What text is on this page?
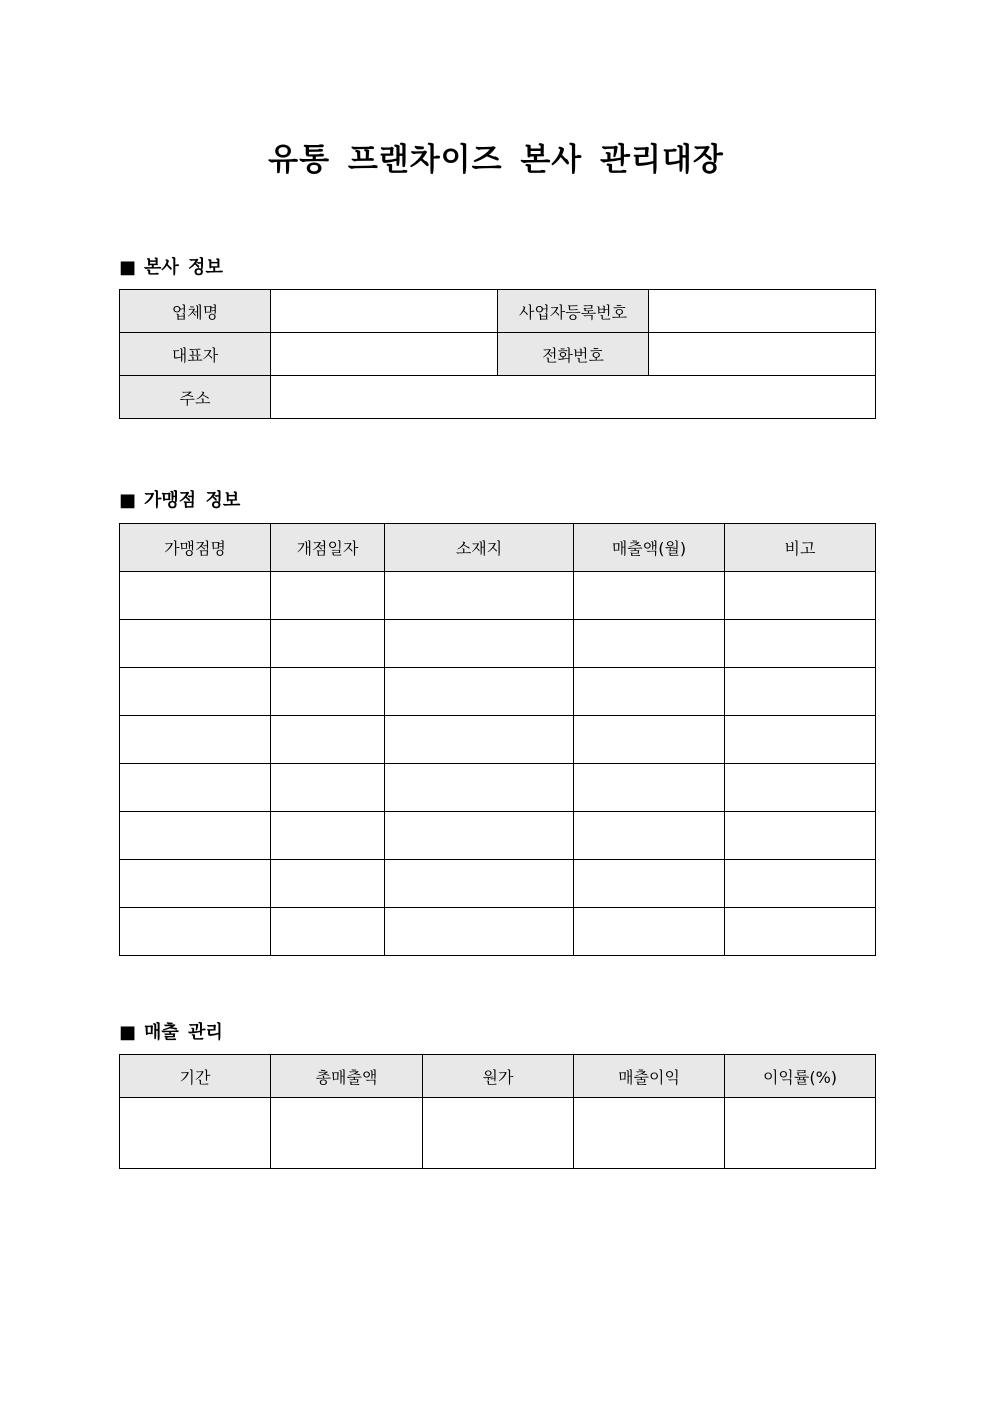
유통 프랜차이즈 본사 관리대장
■ 본사 정보
업체명		사업자등록번호	
대표자		전화번호	
주소			
■ 가맹점 정보
가맹점명	개점일자	소재지	매출액(월)	비고

■ 매출 관리
기간	총매출액	원가	매출이익	이익률(%)
